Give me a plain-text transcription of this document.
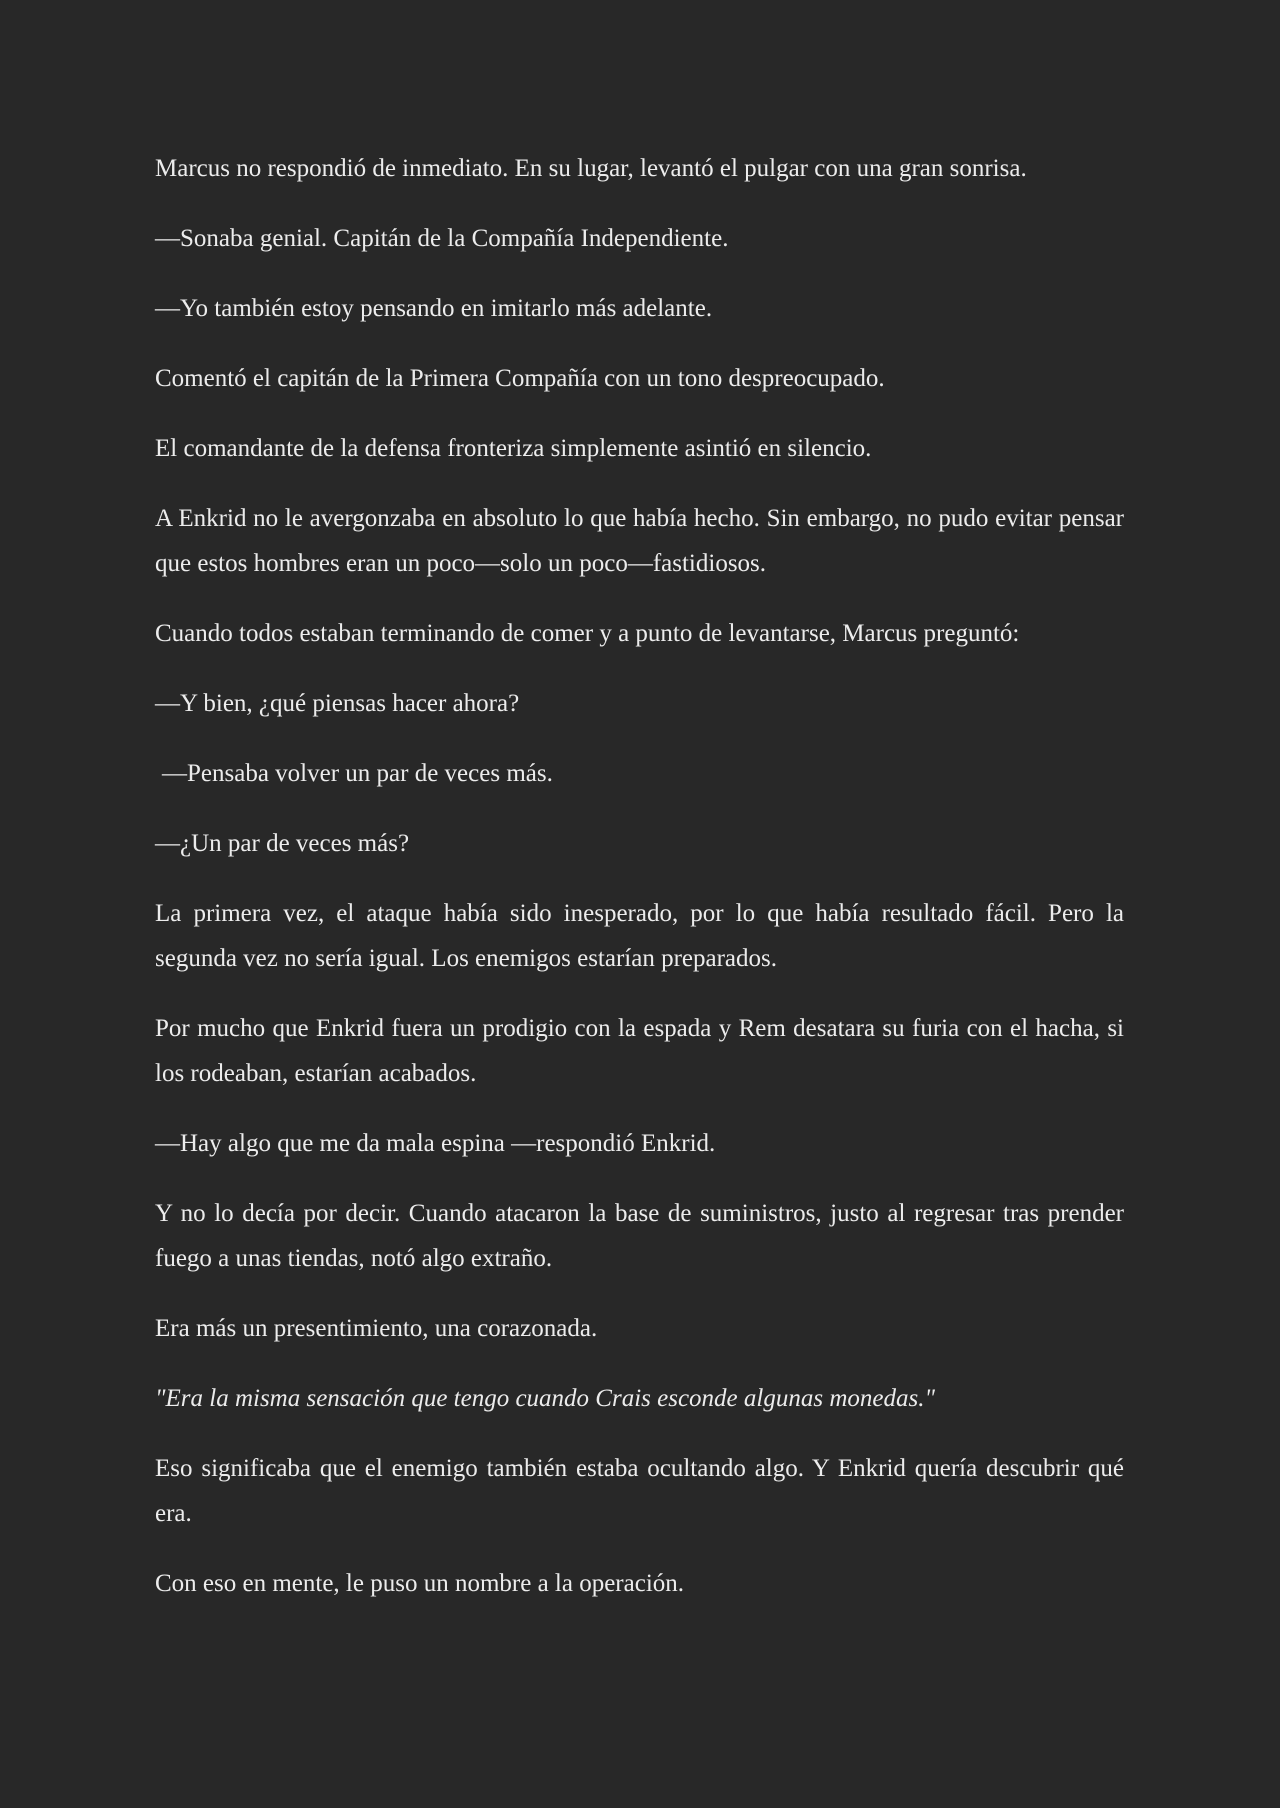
Marcus no respondió de inmediato. En su lugar, levantó el pulgar con una gran sonrisa.

—Sonaba genial. Capitán de la Compañía Independiente.

—Yo también estoy pensando en imitarlo más adelante.

Comentó el capitán de la Primera Compañía con un tono despreocupado.

El comandante de la defensa fronteriza simplemente asintió en silencio.

A Enkrid no le avergonzaba en absoluto lo que había hecho. Sin embargo, no pudo evitar pensar que estos hombres eran un poco—solo un poco—fastidiosos.

Cuando todos estaban terminando de comer y a punto de levantarse, Marcus preguntó:

—Y bien, ¿qué piensas hacer ahora?

—Pensaba volver un par de veces más.

—¿Un par de veces más?

La primera vez, el ataque había sido inesperado, por lo que había resultado fácil. Pero la segunda vez no sería igual. Los enemigos estarían preparados.

Por mucho que Enkrid fuera un prodigio con la espada y Rem desatara su furia con el hacha, si los rodeaban, estarían acabados.

—Hay algo que me da mala espina —respondió Enkrid.

Y no lo decía por decir. Cuando atacaron la base de suministros, justo al regresar tras prender fuego a unas tiendas, notó algo extraño.

Era más un presentimiento, una corazonada.

"Era la misma sensación que tengo cuando Crais esconde algunas monedas."

Eso significaba que el enemigo también estaba ocultando algo. Y Enkrid quería descubrir qué era.

Con eso en mente, le puso un nombre a la operación.
